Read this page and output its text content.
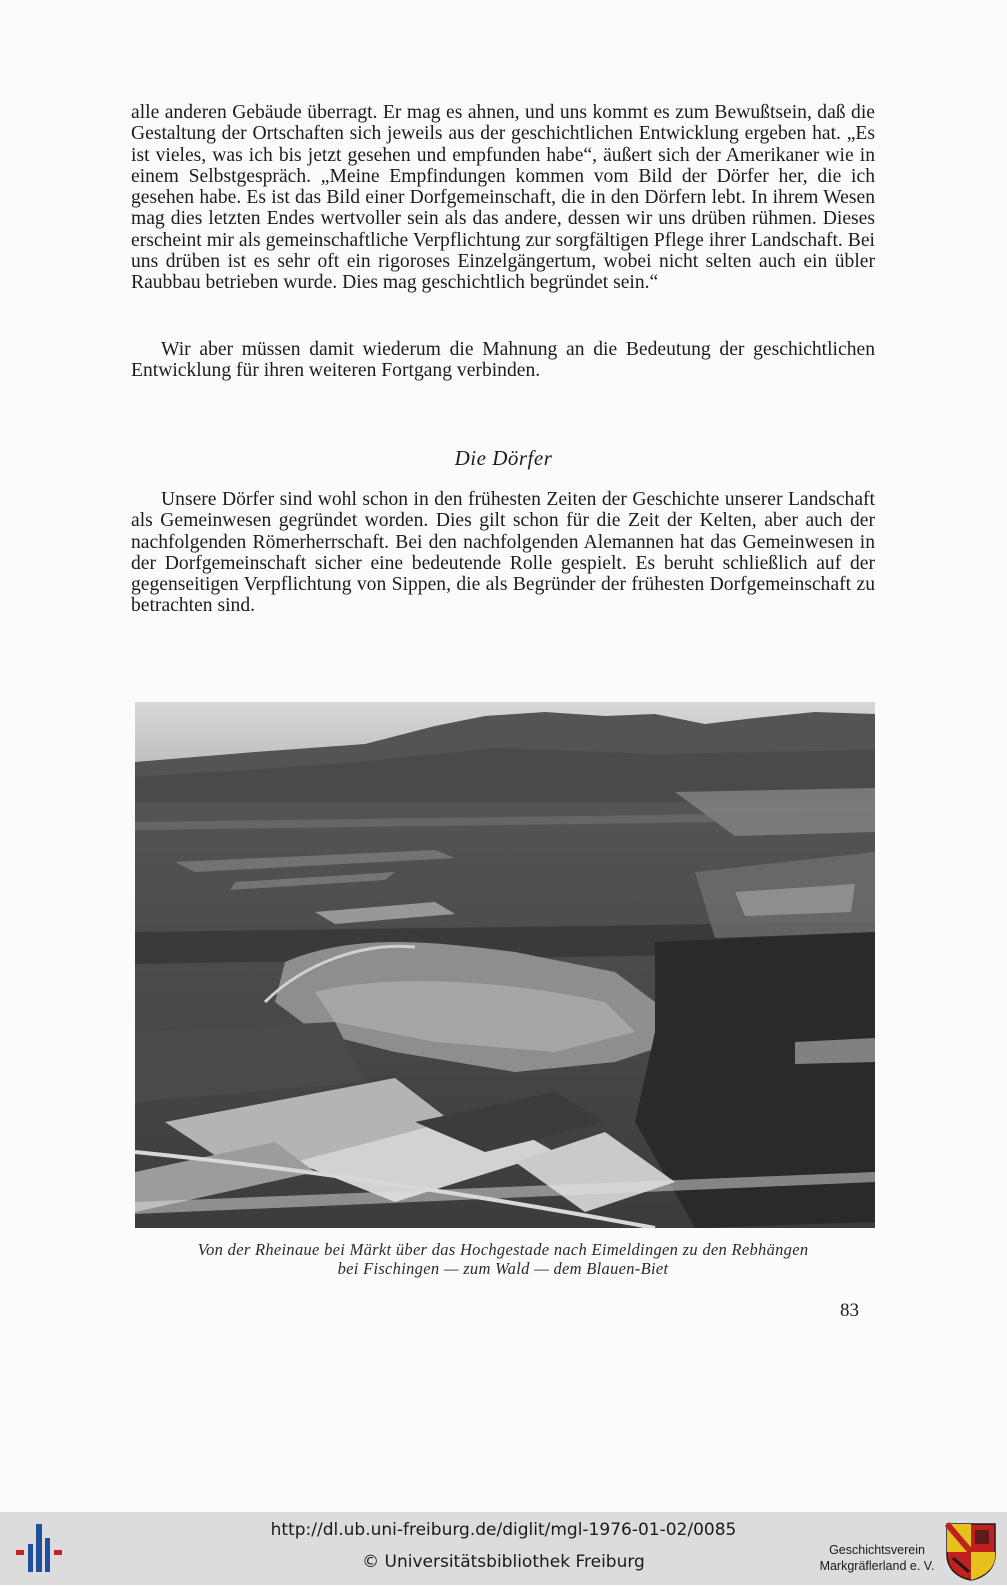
alle anderen Gebäude überragt. Er mag es ahnen, und uns kommt es zum Bewußtsein, daß die Gestaltung der Ortschaften sich jeweils aus der geschichtlichen Entwicklung ergeben hat. „Es ist vieles, was ich bis jetzt gesehen und empfunden habe“, äußert sich der Amerikaner wie in einem Selbstgespräch. „Meine Empfindungen kommen vom Bild der Dörfer her, die ich gesehen habe. Es ist das Bild einer Dorfgemeinschaft, die in den Dörfern lebt. In ihrem Wesen mag dies letzten Endes wertvoller sein als das andere, dessen wir uns drüben rühmen. Dieses erscheint mir als gemeinschaftliche Verpflichtung zur sorgfältigen Pflege ihrer Landschaft. Bei uns drüben ist es sehr oft ein rigoroses Einzelgängertum, wobei nicht selten auch ein übler Raubbau betrieben wurde. Dies mag geschichtlich begründet sein.“

Wir aber müssen damit wiederum die Mahnung an die Bedeutung der geschichtlichen Entwicklung für ihren weiteren Fortgang verbinden.

Die Dörfer

Unsere Dörfer sind wohl schon in den frühesten Zeiten der Geschichte unserer Landschaft als Gemeinwesen gegründet worden. Dies gilt schon für die Zeit der Kelten, aber auch der nachfolgenden Römerherrschaft. Bei den nachfolgenden Alemannen hat das Gemeinwesen in der Dorfgemeinschaft sicher eine bedeutende Rolle gespielt. Es beruht schließlich auf der gegenseitigen Verpflichtung von Sippen, die als Begründer der frühesten Dorfgemeinschaft zu betrachten sind.

Von der Rheinaue bei Märkt über das Hochgestade nach Eimeldingen zu den Rebhängen
bei Fischingen — zum Wald — dem Blauen-Biet
83
http://dl.ub.uni-freiburg.de/diglit/mgl-1976-01-02/0085
© Universitätsbibliothek Freiburg
Geschichtsverein
Markgräflerland e. V.
